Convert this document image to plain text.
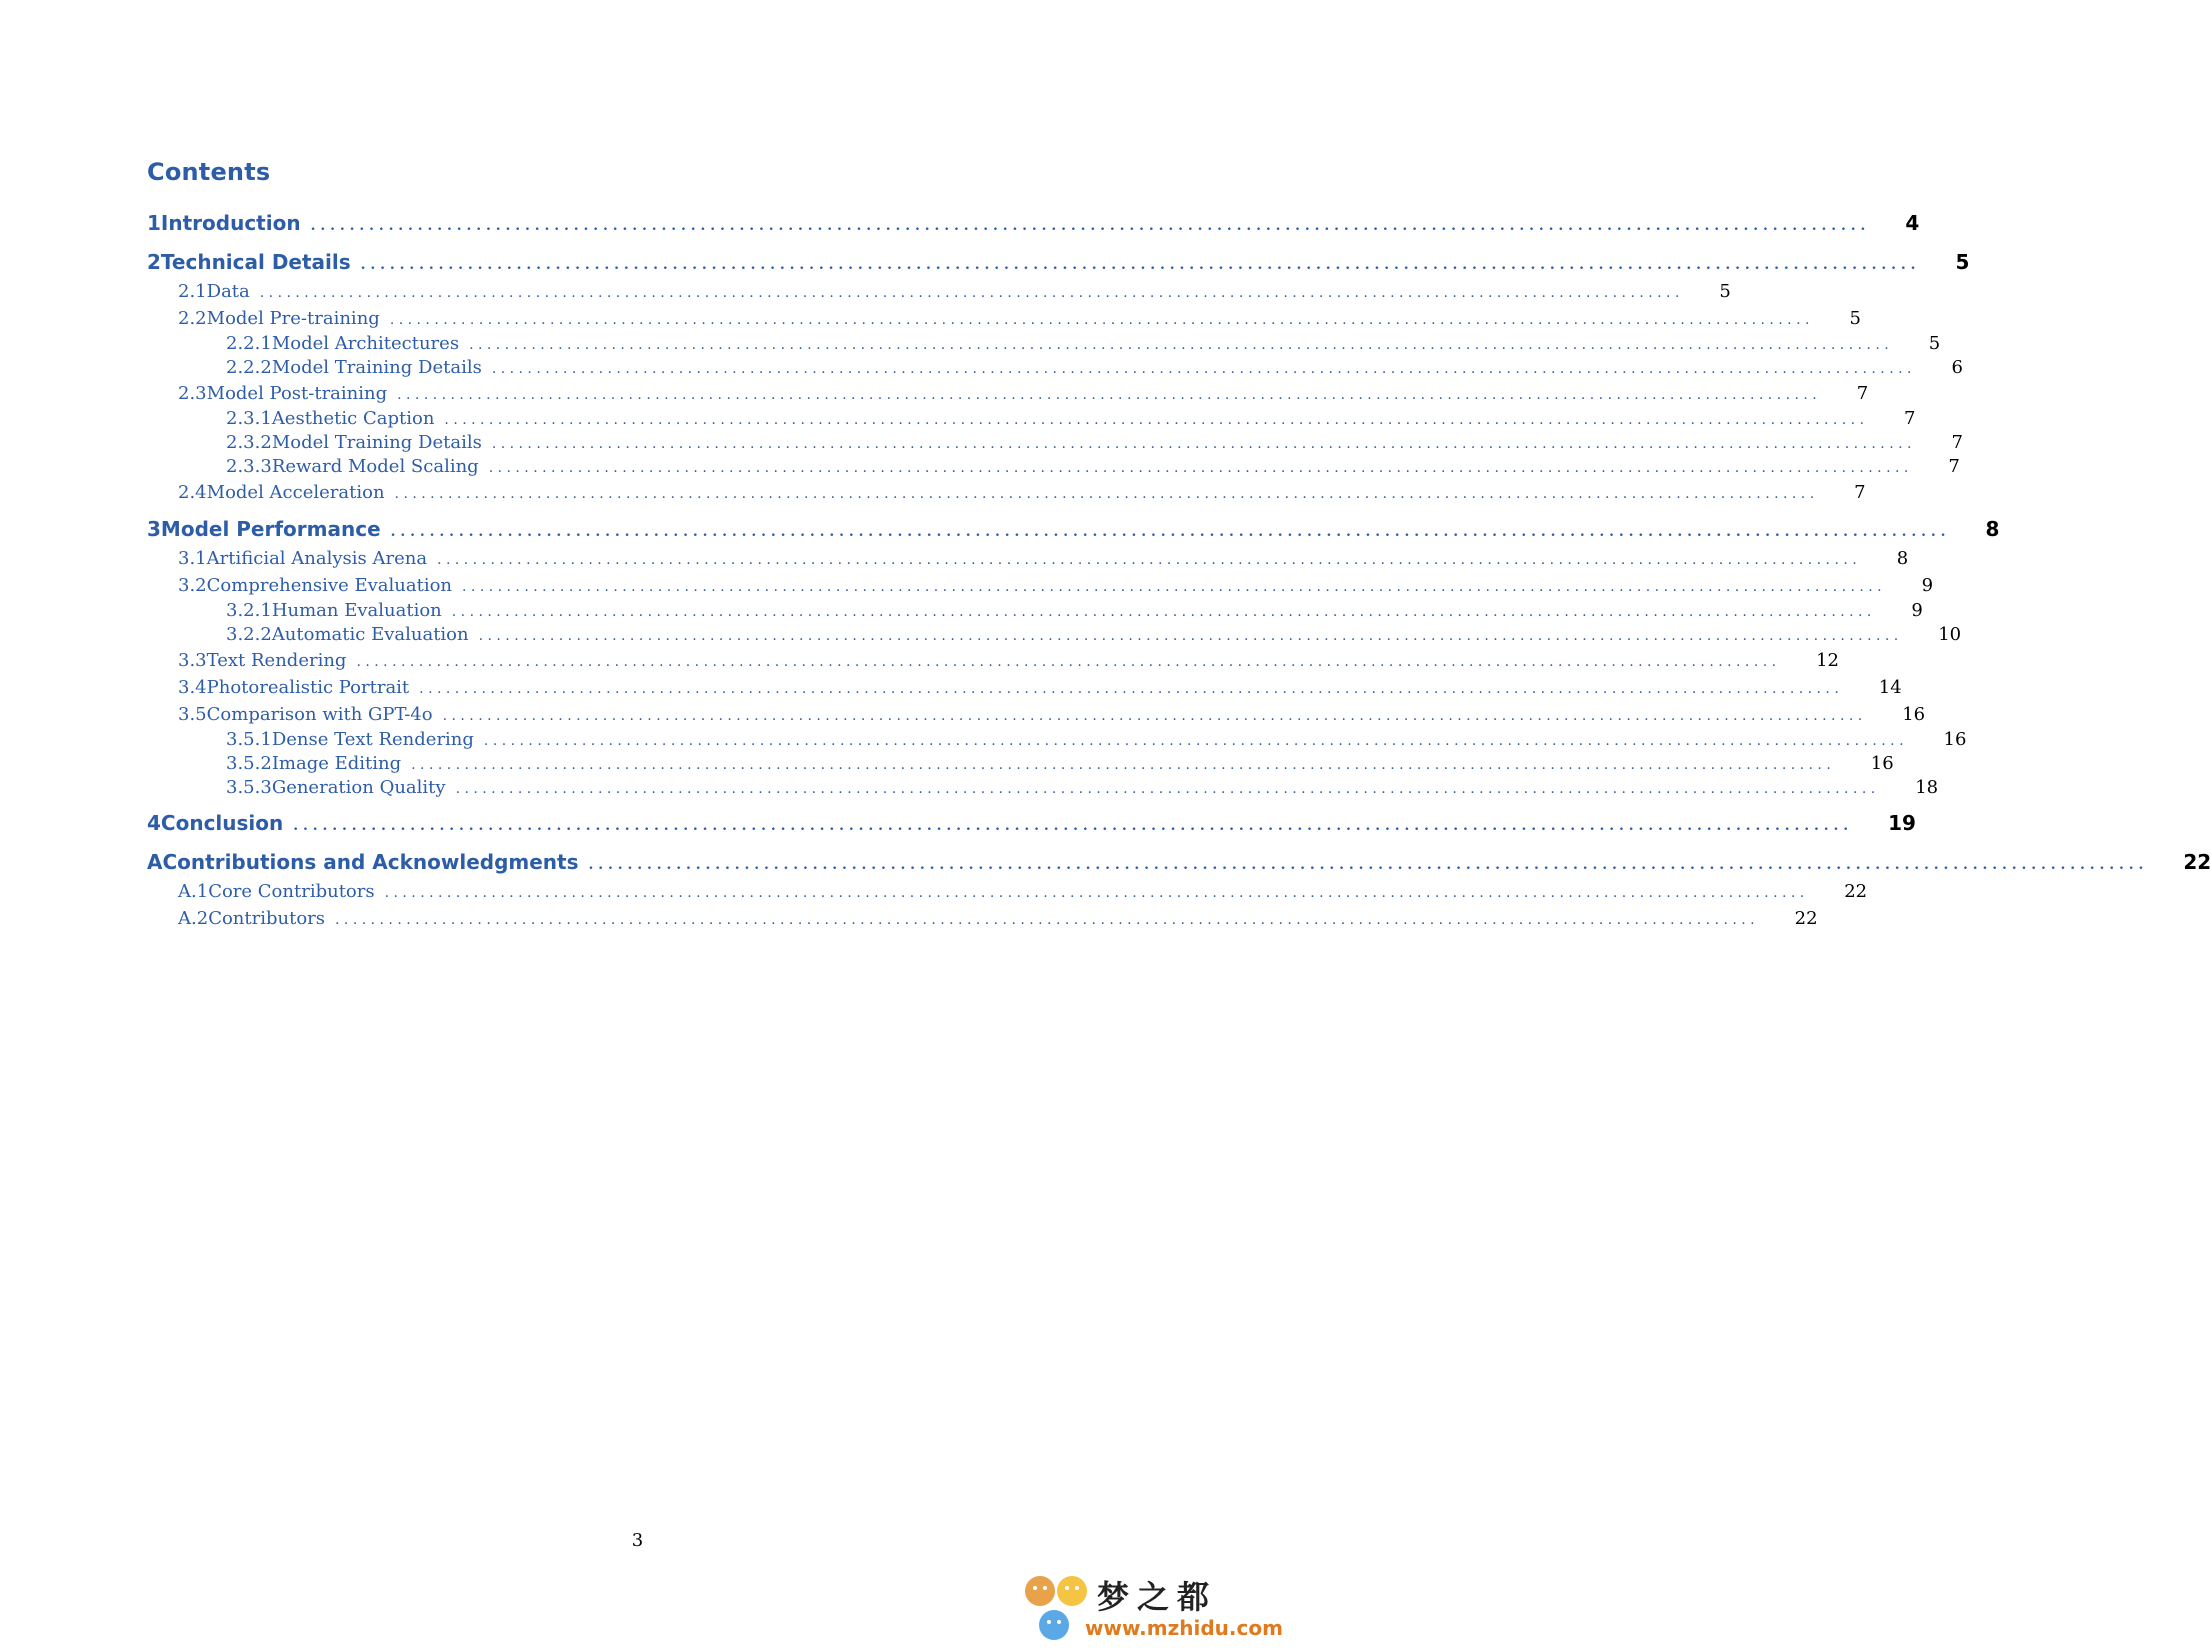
Contents
1 Introduction . . . . . . . . . . . . . . . . . . . . . . . . . . . . . . . . . . . . . . . . . . . . . . . . . . . . . . . . . . . . . . . . . . . . . . . . . . . . . . . . . . . . . . . . . . . . . . . . . . . . . . . . . . . . . . . . . . . . . . . . . . . . . . . . . . . . . . . . . . . . . . . . . . . . . . . . . . . . . . . . 4
2 Technical Details . . . . . . . . . . . . . . . . . . . . . . . . . . . . . . . . . . . . . . . . . . . . . . . . . . . . . . . . . . . . . . . . . . . . . . . . . . . . . . . . . . . . . . . . . . . . . . . . . . . . . . . . . . . . . . . . . . . . . . . . . . . . . . . . . . . . . . . . . . . . . . . . . . . . . . . . . . . . . . . . 5
2.1 Data . . . . . . . . . . . . . . . . . . . . . . . . . . . . . . . . . . . . . . . . . . . . . . . . . . . . . . . . . . . . . . . . . . . . . . . . . . . . . . . . . . . . . . . . . . . . . . . . . . . . . . . . . . . . . . . . . . . . . . . . . . . . . . . . . . . . . . . . . . . . . . . . . . . . . . . . . . . . . . . . 5
2.2 Model Pre-training . . . . . . . . . . . . . . . . . . . . . . . . . . . . . . . . . . . . . . . . . . . . . . . . . . . . . . . . . . . . . . . . . . . . . . . . . . . . . . . . . . . . . . . . . . . . . . . . . . . . . . . . . . . . . . . . . . . . . . . . . . . . . . . . . . . . . . . . . . . . . . . . . . . . . . . . . . . . . . . . 5
2.2.1 Model Architectures . . . . . . . . . . . . . . . . . . . . . . . . . . . . . . . . . . . . . . . . . . . . . . . . . . . . . . . . . . . . . . . . . . . . . . . . . . . . . . . . . . . . . . . . . . . . . . . . . . . . . . . . . . . . . . . . . . . . . . . . . . . . . . . . . . . . . . . . . . . . . . . . . . . . . . . . . . . . . . . . 5
2.2.2 Model Training Details . . . . . . . . . . . . . . . . . . . . . . . . . . . . . . . . . . . . . . . . . . . . . . . . . . . . . . . . . . . . . . . . . . . . . . . . . . . . . . . . . . . . . . . . . . . . . . . . . . . . . . . . . . . . . . . . . . . . . . . . . . . . . . . . . . . . . . . . . . . . . . . . . . . . . . . . . . . . . . . . 6
2.3 Model Post-training . . . . . . . . . . . . . . . . . . . . . . . . . . . . . . . . . . . . . . . . . . . . . . . . . . . . . . . . . . . . . . . . . . . . . . . . . . . . . . . . . . . . . . . . . . . . . . . . . . . . . . . . . . . . . . . . . . . . . . . . . . . . . . . . . . . . . . . . . . . . . . . . . . . . . . . . . . . . . . . . 7
2.3.1 Aesthetic Caption . . . . . . . . . . . . . . . . . . . . . . . . . . . . . . . . . . . . . . . . . . . . . . . . . . . . . . . . . . . . . . . . . . . . . . . . . . . . . . . . . . . . . . . . . . . . . . . . . . . . . . . . . . . . . . . . . . . . . . . . . . . . . . . . . . . . . . . . . . . . . . . . . . . . . . . . . . . . . . . . 7
2.3.2 Model Training Details . . . . . . . . . . . . . . . . . . . . . . . . . . . . . . . . . . . . . . . . . . . . . . . . . . . . . . . . . . . . . . . . . . . . . . . . . . . . . . . . . . . . . . . . . . . . . . . . . . . . . . . . . . . . . . . . . . . . . . . . . . . . . . . . . . . . . . . . . . . . . . . . . . . . . . . . . . . . . . . . 7
2.3.3 Reward Model Scaling . . . . . . . . . . . . . . . . . . . . . . . . . . . . . . . . . . . . . . . . . . . . . . . . . . . . . . . . . . . . . . . . . . . . . . . . . . . . . . . . . . . . . . . . . . . . . . . . . . . . . . . . . . . . . . . . . . . . . . . . . . . . . . . . . . . . . . . . . . . . . . . . . . . . . . . . . . . . . . . . 7
2.4 Model Acceleration . . . . . . . . . . . . . . . . . . . . . . . . . . . . . . . . . . . . . . . . . . . . . . . . . . . . . . . . . . . . . . . . . . . . . . . . . . . . . . . . . . . . . . . . . . . . . . . . . . . . . . . . . . . . . . . . . . . . . . . . . . . . . . . . . . . . . . . . . . . . . . . . . . . . . . . . . . . . . . . . 7
3 Model Performance . . . . . . . . . . . . . . . . . . . . . . . . . . . . . . . . . . . . . . . . . . . . . . . . . . . . . . . . . . . . . . . . . . . . . . . . . . . . . . . . . . . . . . . . . . . . . . . . . . . . . . . . . . . . . . . . . . . . . . . . . . . . . . . . . . . . . . . . . . . . . . . . . . . . . . . . . . . . . . . . 8
3.1 Artificial Analysis Arena . . . . . . . . . . . . . . . . . . . . . . . . . . . . . . . . . . . . . . . . . . . . . . . . . . . . . . . . . . . . . . . . . . . . . . . . . . . . . . . . . . . . . . . . . . . . . . . . . . . . . . . . . . . . . . . . . . . . . . . . . . . . . . . . . . . . . . . . . . . . . . . . . . . . . . . . . . . . . . . . 8
3.2 Comprehensive Evaluation . . . . . . . . . . . . . . . . . . . . . . . . . . . . . . . . . . . . . . . . . . . . . . . . . . . . . . . . . . . . . . . . . . . . . . . . . . . . . . . . . . . . . . . . . . . . . . . . . . . . . . . . . . . . . . . . . . . . . . . . . . . . . . . . . . . . . . . . . . . . . . . . . . . . . . . . . . . . . . . . 9
3.2.1 Human Evaluation . . . . . . . . . . . . . . . . . . . . . . . . . . . . . . . . . . . . . . . . . . . . . . . . . . . . . . . . . . . . . . . . . . . . . . . . . . . . . . . . . . . . . . . . . . . . . . . . . . . . . . . . . . . . . . . . . . . . . . . . . . . . . . . . . . . . . . . . . . . . . . . . . . . . . . . . . . . . . . . . 9
3.2.2 Automatic Evaluation . . . . . . . . . . . . . . . . . . . . . . . . . . . . . . . . . . . . . . . . . . . . . . . . . . . . . . . . . . . . . . . . . . . . . . . . . . . . . . . . . . . . . . . . . . . . . . . . . . . . . . . . . . . . . . . . . . . . . . . . . . . . . . . . . . . . . . . . . . . . . . . . . . . . . . . . . . . . . . . . 10
3.3 Text Rendering . . . . . . . . . . . . . . . . . . . . . . . . . . . . . . . . . . . . . . . . . . . . . . . . . . . . . . . . . . . . . . . . . . . . . . . . . . . . . . . . . . . . . . . . . . . . . . . . . . . . . . . . . . . . . . . . . . . . . . . . . . . . . . . . . . . . . . . . . . . . . . . . . . . . . . . . . . . . . . . . 12
3.4 Photorealistic Portrait . . . . . . . . . . . . . . . . . . . . . . . . . . . . . . . . . . . . . . . . . . . . . . . . . . . . . . . . . . . . . . . . . . . . . . . . . . . . . . . . . . . . . . . . . . . . . . . . . . . . . . . . . . . . . . . . . . . . . . . . . . . . . . . . . . . . . . . . . . . . . . . . . . . . . . . . . . . . . . . . 14
3.5 Comparison with GPT-4o . . . . . . . . . . . . . . . . . . . . . . . . . . . . . . . . . . . . . . . . . . . . . . . . . . . . . . . . . . . . . . . . . . . . . . . . . . . . . . . . . . . . . . . . . . . . . . . . . . . . . . . . . . . . . . . . . . . . . . . . . . . . . . . . . . . . . . . . . . . . . . . . . . . . . . . . . . . . . . . . 16
3.5.1 Dense Text Rendering . . . . . . . . . . . . . . . . . . . . . . . . . . . . . . . . . . . . . . . . . . . . . . . . . . . . . . . . . . . . . . . . . . . . . . . . . . . . . . . . . . . . . . . . . . . . . . . . . . . . . . . . . . . . . . . . . . . . . . . . . . . . . . . . . . . . . . . . . . . . . . . . . . . . . . . . . . . . . . . . 16
3.5.2 Image Editing . . . . . . . . . . . . . . . . . . . . . . . . . . . . . . . . . . . . . . . . . . . . . . . . . . . . . . . . . . . . . . . . . . . . . . . . . . . . . . . . . . . . . . . . . . . . . . . . . . . . . . . . . . . . . . . . . . . . . . . . . . . . . . . . . . . . . . . . . . . . . . . . . . . . . . . . . . . . . . . . 16
3.5.3 Generation Quality . . . . . . . . . . . . . . . . . . . . . . . . . . . . . . . . . . . . . . . . . . . . . . . . . . . . . . . . . . . . . . . . . . . . . . . . . . . . . . . . . . . . . . . . . . . . . . . . . . . . . . . . . . . . . . . . . . . . . . . . . . . . . . . . . . . . . . . . . . . . . . . . . . . . . . . . . . . . . . . . 18
4 Conclusion . . . . . . . . . . . . . . . . . . . . . . . . . . . . . . . . . . . . . . . . . . . . . . . . . . . . . . . . . . . . . . . . . . . . . . . . . . . . . . . . . . . . . . . . . . . . . . . . . . . . . . . . . . . . . . . . . . . . . . . . . . . . . . . . . . . . . . . . . . . . . . . . . . . . . . . . . . . . . . . . 19
A Contributions and Acknowledgments . . . . . . . . . . . . . . . . . . . . . . . . . . . . . . . . . . . . . . . . . . . . . . . . . . . . . . . . . . . . . . . . . . . . . . . . . . . . . . . . . . . . . . . . . . . . . . . . . . . . . . . . . . . . . . . . . . . . . . . . . . . . . . . . . . . . . . . . . . . . . . . . . . . . . . . . . . . . . . . . 22
A.1 Core Contributors . . . . . . . . . . . . . . . . . . . . . . . . . . . . . . . . . . . . . . . . . . . . . . . . . . . . . . . . . . . . . . . . . . . . . . . . . . . . . . . . . . . . . . . . . . . . . . . . . . . . . . . . . . . . . . . . . . . . . . . . . . . . . . . . . . . . . . . . . . . . . . . . . . . . . . . . . . . . . . . . 22
A.2 Contributors . . . . . . . . . . . . . . . . . . . . . . . . . . . . . . . . . . . . . . . . . . . . . . . . . . . . . . . . . . . . . . . . . . . . . . . . . . . . . . . . . . . . . . . . . . . . . . . . . . . . . . . . . . . . . . . . . . . . . . . . . . . . . . . . . . . . . . . . . . . . . . . . . . . . . . . . . . . . . . . . 22
3
梦之都
www.mzhidu.com
